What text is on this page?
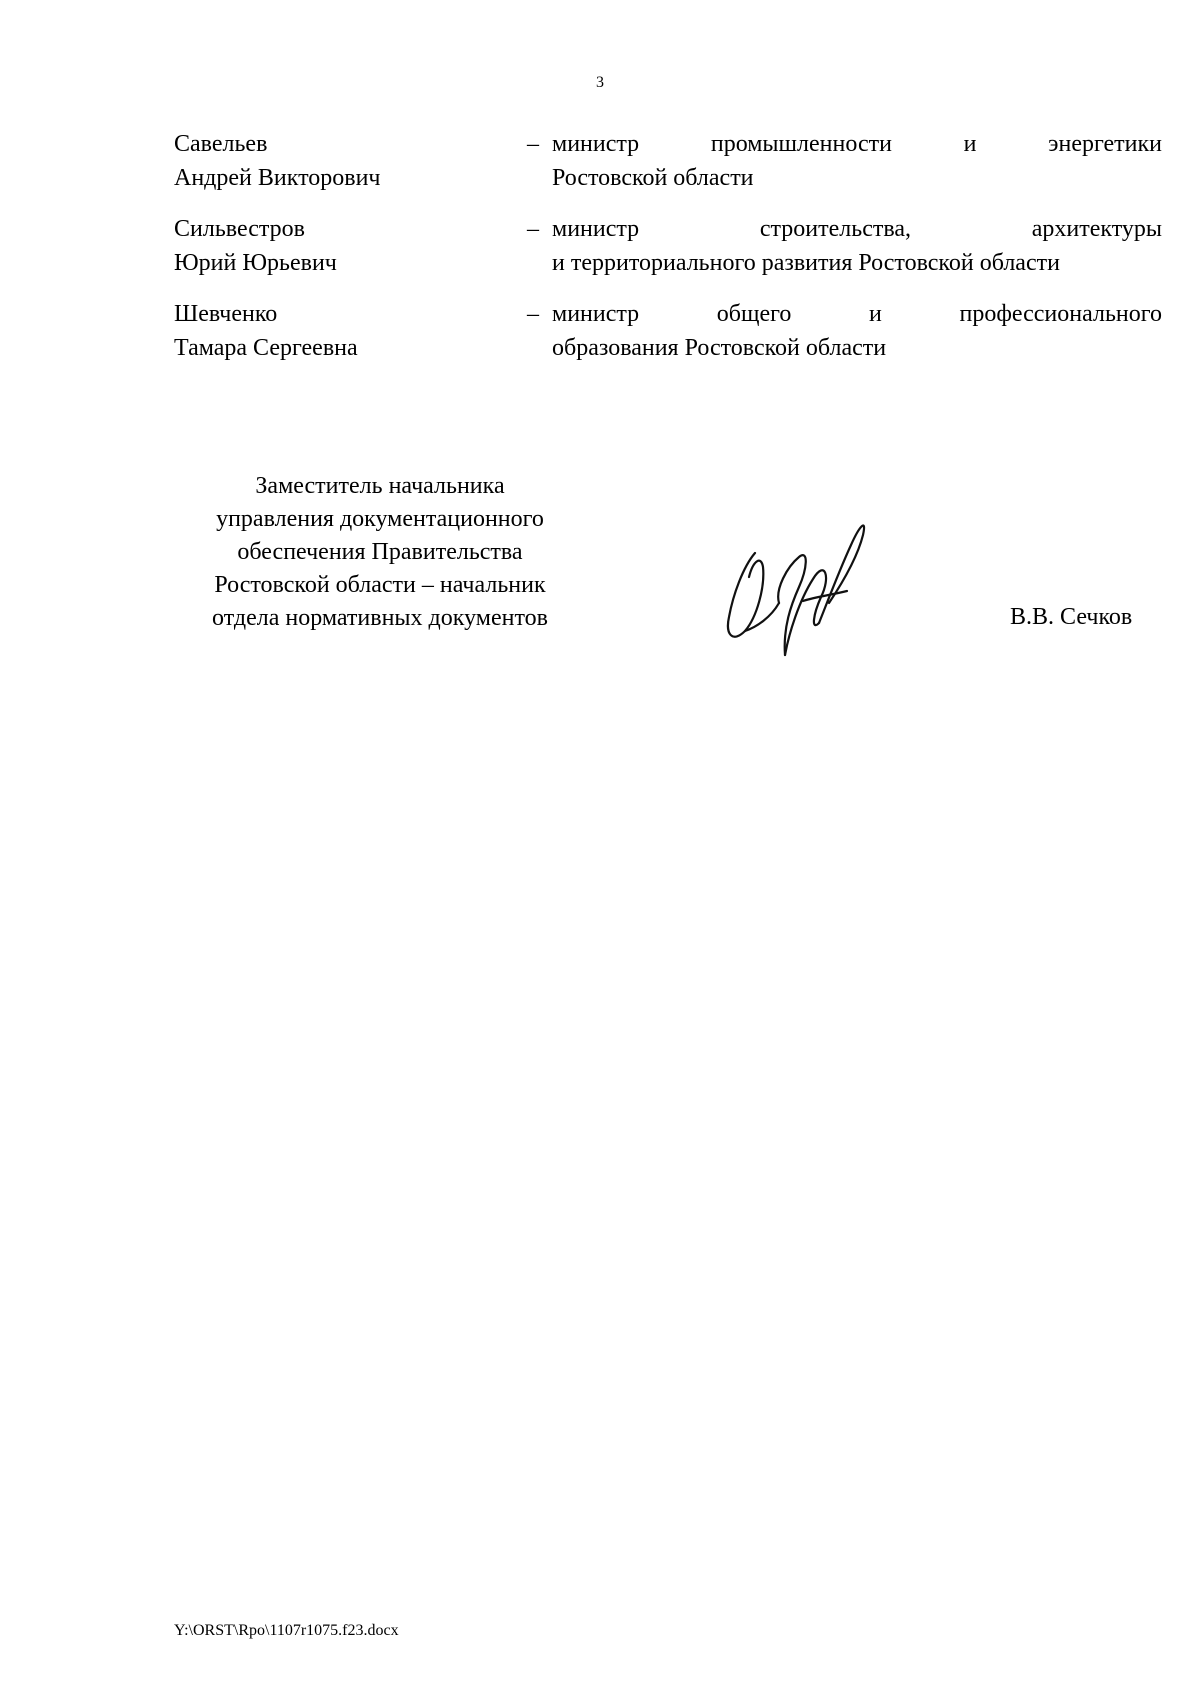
3
Савельев
Андрей Викторович
– министр промышленности и энергетики
Ростовской области
Сильвестров
Юрий Юрьевич
– министр строительства, архитектуры
и территориального развития Ростовской области
Шевченко
Тамара Сергеевна
– министр общего и профессионального
образования Ростовской области
Заместитель начальника
управления документационного
обеспечения Правительства
Ростовской области – начальник
отдела нормативных документов	В.В. Сечков
Y:\ORST\Rpo\1107r1075.f23.docx
